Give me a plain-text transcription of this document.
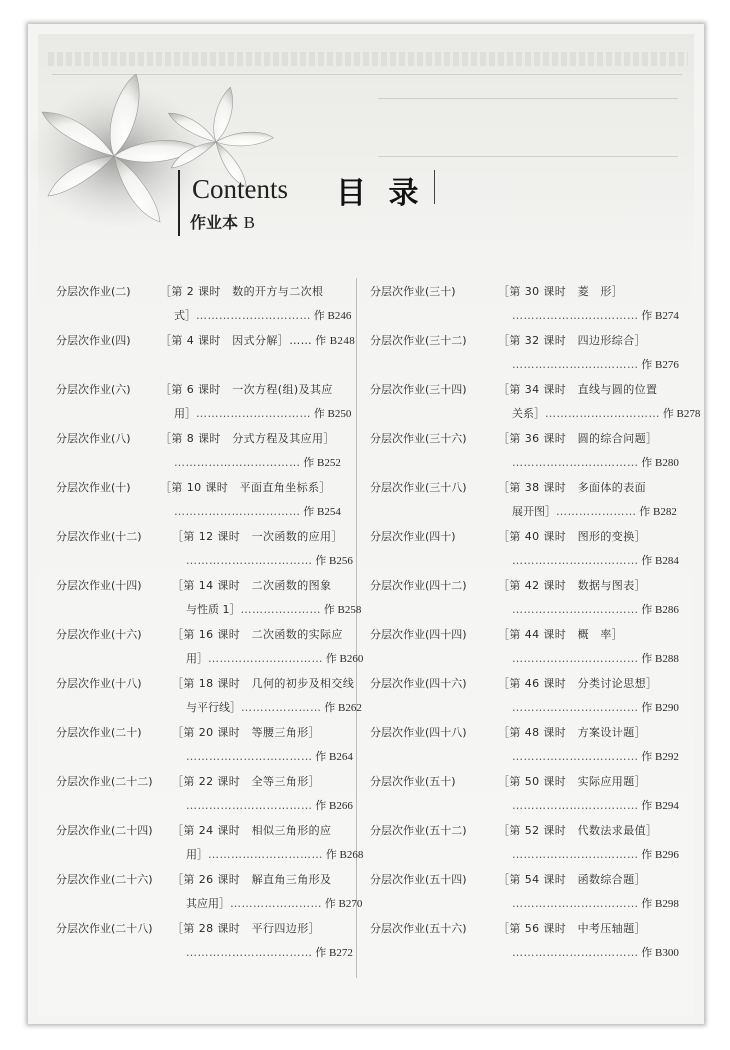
Contents 目 录
作业本 B
分层次作业(二)	［第 2 课时　数的开方与二次根
式］………………………… 作 B246
分层次作业(四)	［第 4 课时　因式分解］…… 作 B248
分层次作业(六)	［第 6 课时　一次方程(组)及其应
用］………………………… 作 B250
分层次作业(八)	［第 8 课时　分式方程及其应用］
…………………………… 作 B252
分层次作业(十)	［第 10 课时　平面直角坐标系］
…………………………… 作 B254
分层次作业(十二)	［第 12 课时　一次函数的应用］
…………………………… 作 B256
分层次作业(十四)	［第 14 课时　二次函数的图象
与性质 1］………………… 作 B258
分层次作业(十六)	［第 16 课时　二次函数的实际应
用］………………………… 作 B260
分层次作业(十八)	［第 18 课时　几何的初步及相交线
与平行线］………………… 作 B262
分层次作业(二十)	［第 20 课时　等腰三角形］
…………………………… 作 B264
分层次作业(二十二) ［第 22 课时　全等三角形］
…………………………… 作 B266
分层次作业(二十四) ［第 24 课时　相似三角形的应
用］………………………… 作 B268
分层次作业(二十六) ［第 26 课时　解直角三角形及
其应用］…………………… 作 B270
分层次作业(二十八) ［第 28 课时　平行四边形］
…………………………… 作 B272
分层次作业(三十)	［第 30 课时　菱　形］
…………………………… 作 B274
分层次作业(三十二)	［第 32 课时　四边形综合］
…………………………… 作 B276
分层次作业(三十四)	［第 34 课时　直线与圆的位置
关系］………………………… 作 B278
分层次作业(三十六)	［第 36 课时　圆的综合问题］
…………………………… 作 B280
分层次作业(三十八)	［第 38 课时　多面体的表面
展开图］………………… 作 B282
分层次作业(四十)	［第 40 课时　图形的变换］
…………………………… 作 B284
分层次作业(四十二)	［第 42 课时　数据与图表］
…………………………… 作 B286
分层次作业(四十四)	［第 44 课时　概　率］
…………………………… 作 B288
分层次作业(四十六)	［第 46 课时　分类讨论思想］
…………………………… 作 B290
分层次作业(四十八)	［第 48 课时　方案设计题］
…………………………… 作 B292
分层次作业(五十)	［第 50 课时　实际应用题］
…………………………… 作 B294
分层次作业(五十二)	［第 52 课时　代数法求最值］
…………………………… 作 B296
分层次作业(五十四)	［第 54 课时　函数综合题］
…………………………… 作 B298
分层次作业(五十六)	［第 56 课时　中考压轴题］
…………………………… 作 B300
